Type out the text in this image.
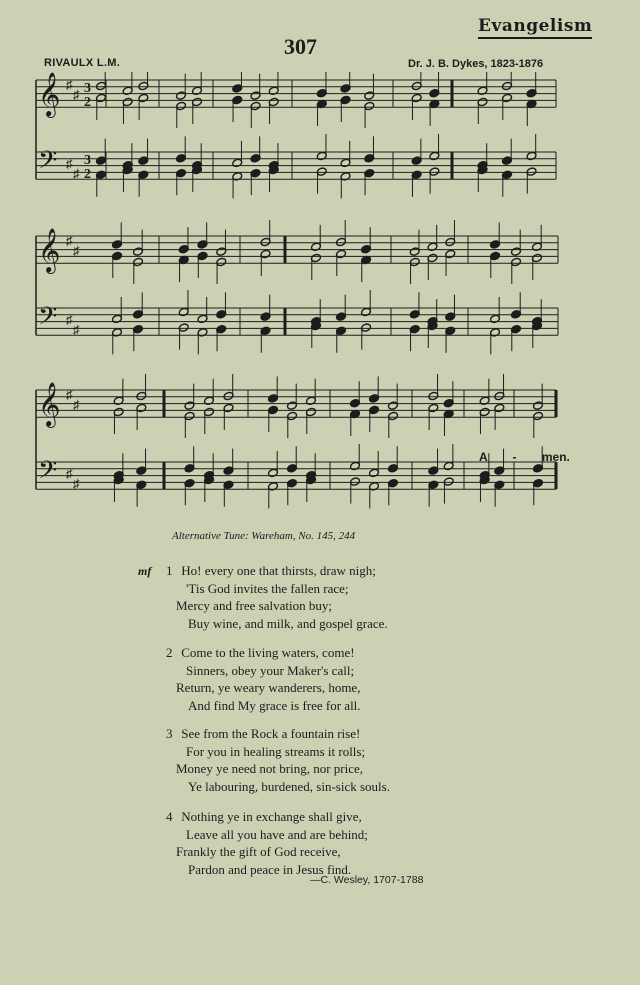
Evangelism
307
RIVAULX L.M.	Dr. J. B. Dykes, 1823-1876
𝄞
𝄢
♯
♯
♯
♯
3
2
3
2
𝄞
𝄢
♯
♯
♯
♯
𝄞
𝄢
♯
♯
♯
♯
A - men.
Alternative Tune: Wareham, No. 145, 244
mf 1 Ho! every one that thirsts, draw nigh;
'Tis God invites the fallen race;
Mercy and free salvation buy;
Buy wine, and milk, and gospel grace.
2 Come to the living waters, come!
Sinners, obey your Maker's call;
Return, ye weary wanderers, home,
And find My grace is free for all.
3 See from the Rock a fountain rise!
For you in healing streams it rolls;
Money ye need not bring, nor price,
Ye labouring, burdened, sin-sick souls.
4 Nothing ye in exchange shall give,
Leave all you have and are behind;
Frankly the gift of God receive,
Pardon and peace in Jesus find.
—C. Wesley, 1707-1788
